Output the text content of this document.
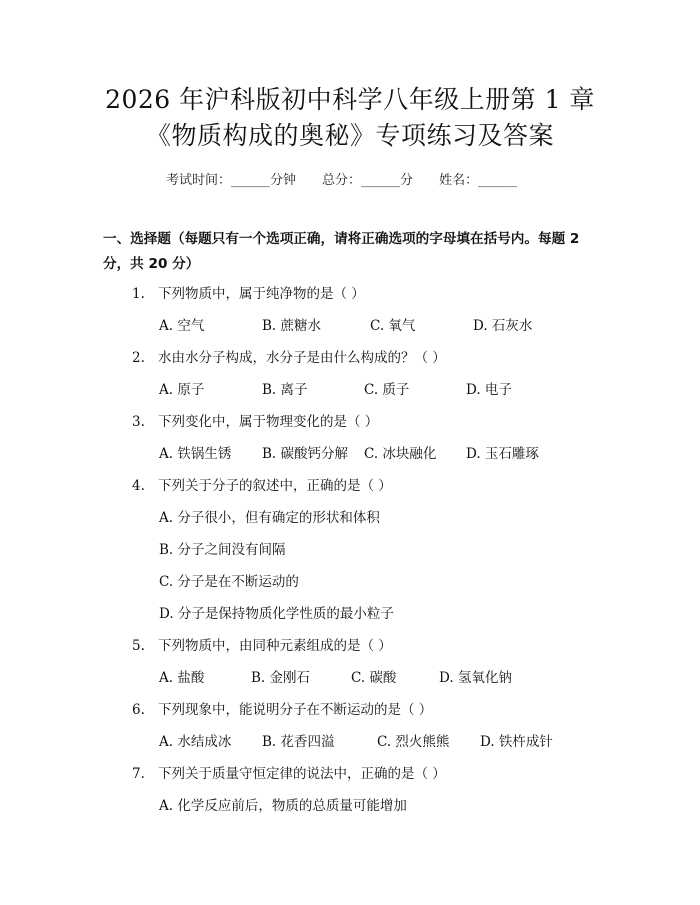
2026 年沪科版初中科学八年级上册第 1 章
《物质构成的奥秘》专项练习及答案
考试时间：______分钟 总分：______分 姓名：______
一、选择题（每题只有一个选项正确，请将正确选项的字母填在括号内。每题 2 分，共 20 分）
1. 下列物质中，属于纯净物的是（ ）
A. 空气	B. 蔗糖水	C. 氧气	D. 石灰水
2. 水由水分子构成，水分子是由什么构成的？（ ）
A. 原子	B. 离子	C. 质子	D. 电子
3. 下列变化中，属于物理变化的是（ ）
A. 铁锅生锈 B. 碳酸钙分解 C. 冰块融化 D. 玉石雕琢
4. 下列关于分子的叙述中，正确的是（ ）
A. 分子很小，但有确定的形状和体积
B. 分子之间没有间隔
C. 分子是在不断运动的
D. 分子是保持物质化学性质的最小粒子
5. 下列物质中，由同种元素组成的是（ ）
A. 盐酸	B. 金刚石	C. 碳酸	D. 氢氧化钠
6. 下列现象中，能说明分子在不断运动的是（ ）
A. 水结成冰 B. 花香四溢	C. 烈火熊熊 D. 铁杵成针
7. 下列关于质量守恒定律的说法中，正确的是（ ）
A. 化学反应前后，物质的总质量可能增加
